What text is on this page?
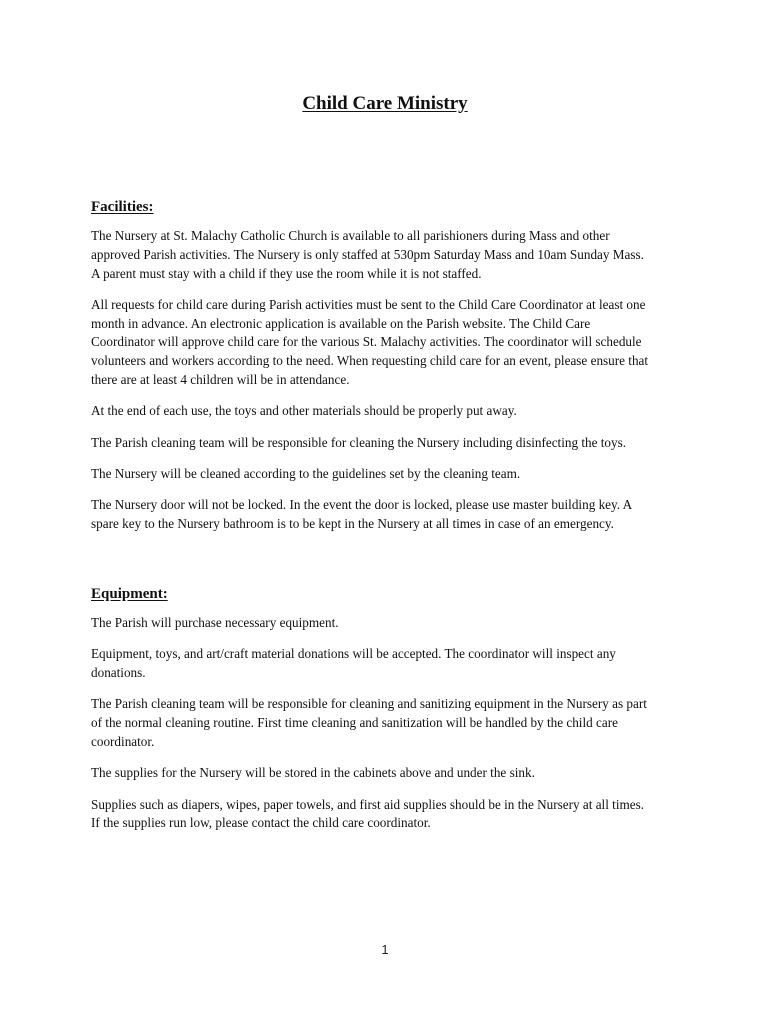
Child Care Ministry
Facilities:

The Nursery at St. Malachy Catholic Church is available to all parishioners during Mass and other
approved Parish activities. The Nursery is only staffed at 530pm Saturday Mass and 10am Sunday Mass.
A parent must stay with a child if they use the room while it is not staffed.

All requests for child care during Parish activities must be sent to the Child Care Coordinator at least one
month in advance. An electronic application is available on the Parish website. The Child Care
Coordinator will approve child care for the various St. Malachy activities. The coordinator will schedule
volunteers and workers according to the need. When requesting child care for an event, please ensure that
there are at least 4 children will be in attendance.

At the end of each use, the toys and other materials should be properly put away.

The Parish cleaning team will be responsible for cleaning the Nursery including disinfecting the toys.

The Nursery will be cleaned according to the guidelines set by the cleaning team.

The Nursery door will not be locked. In the event the door is locked, please use master building key. A
spare key to the Nursery bathroom is to be kept in the Nursery at all times in case of an emergency.

Equipment:

The Parish will purchase necessary equipment.

Equipment, toys, and art/craft material donations will be accepted. The coordinator will inspect any
donations.

The Parish cleaning team will be responsible for cleaning and sanitizing equipment in the Nursery as part
of the normal cleaning routine. First time cleaning and sanitization will be handled by the child care
coordinator.

The supplies for the Nursery will be stored in the cabinets above and under the sink.

Supplies such as diapers, wipes, paper towels, and first aid supplies should be in the Nursery at all times.
If the supplies run low, please contact the child care coordinator.

1
